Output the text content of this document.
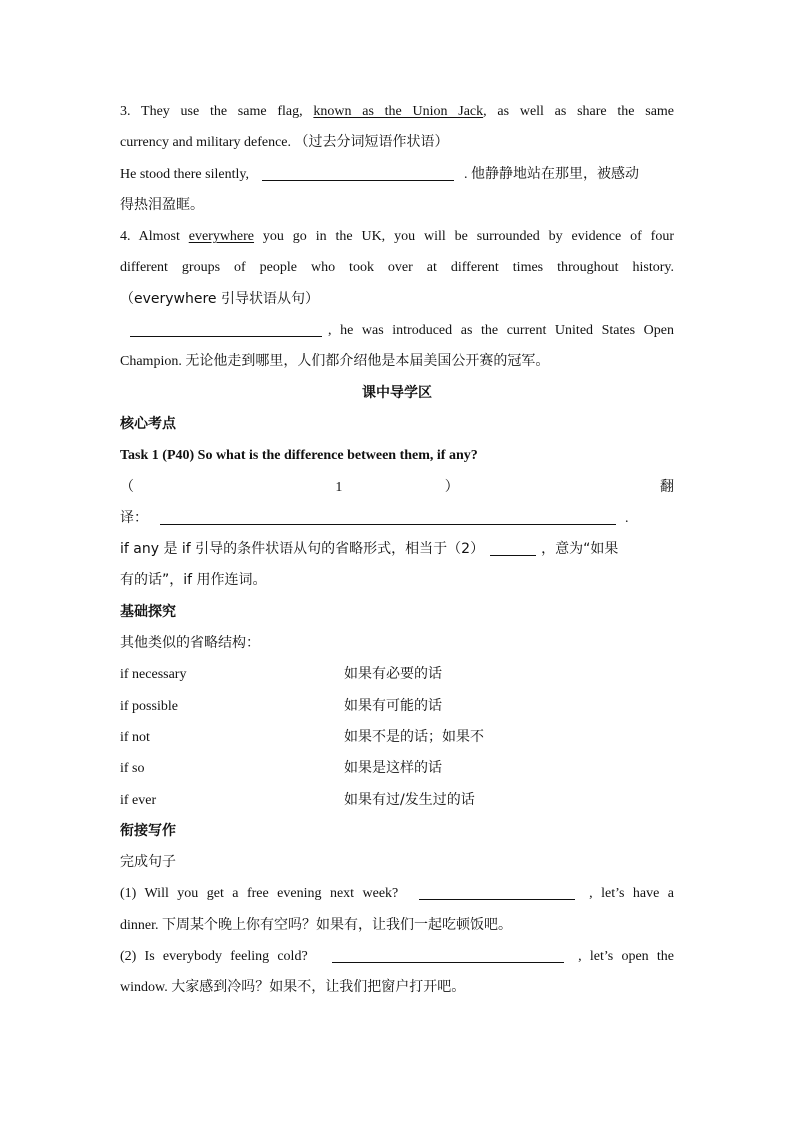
3. They use the same flag, known as the Union Jack, as well as share the same
currency and military defence. （过去分词短语作状语）
He stood there silently,	. 他静静地站在那里，被感动
得热泪盈眶。
4. Almost everywhere you go in the UK, you will be surrounded by evidence of four
different groups of people who took over at different times throughout history.
（everywhere 引导状语从句）
, he was introduced as the current United States Open
Champion. 无论他走到哪里，人们都介绍他是本届美国公开赛的冠军。
课中导学区
核心考点
Task 1 (P40) So what is the difference between them, if any?
（	1	）	翻
译：	.
if any 是 if 引导的条件状语从句的省略形式，相当于（2）	，意为“如果
有的话”，if 用作连词。
基础探究
其他类似的省略结构：
if necessary	如果有必要的话
if possible	如果有可能的话
if not	如果不是的话；如果不
if so	如果是这样的话
if ever	如果有过/发生过的话
衔接写作
完成句子
(1) Will you get a free evening next week?	, let’s have a
dinner. 下周某个晚上你有空吗？如果有，让我们一起吃顿饭吧。
(2) Is everybody feeling cold?	, let’s open the
window. 大家感到冷吗？如果不，让我们把窗户打开吧。
